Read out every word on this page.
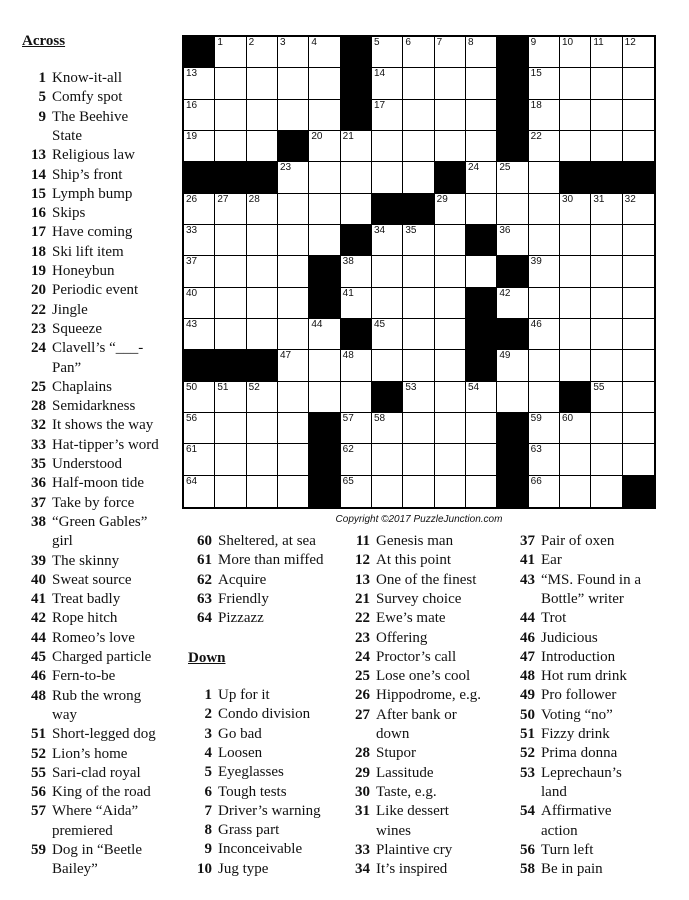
Across
Down
1	2	3	4	5	6	7	8	9	10 11 12
13	14	15
16	17	18
19	20 21	22
23	24 25
26 27 28	29	30 31 32
33	34 35	36
37	38	39
40	41	42
43	44	45	46
47	48	49
50 51 52	53	54	55
56	57 58	59 60
61	62	63
64	65	66
Copyright ©2017 PuzzleJunction.com
1 Know-it-all
5 Comfy spot
9 The Beehive
State
13 Religious law
14 Ship’s front
15 Lymph bump
16 Skips
17 Have coming
18 Ski lift item
19 Honeybun
20 Periodic event
22 Jingle
23 Squeeze
24 Clavell’s “___-
Pan”
25 Chaplains
28 Semidarkness
32 It shows the way
33 Hat-tipper’s word
35 Understood
36 Half-moon tide
37 Take by force
38 “Green Gables”
girl
39 The skinny
40 Sweat source
41 Treat badly
42 Rope hitch
44 Romeo’s love
45 Charged particle
46 Fern-to-be
48 Rub the wrong
way
51 Short-legged dog
52 Lion’s home
55 Sari-clad royal
56 King of the road
57 Where “Aida”
premiered
59 Dog in “Beetle
Bailey”
60 Sheltered, at sea
61 More than miffed
62 Acquire
63 Friendly
64 Pizzazz
1 Up for it
2 Condo division
3 Go bad
4 Loosen
5 Eyeglasses
6 Tough tests
7 Driver’s warning
8 Grass part
9 Inconceivable
10 Jug type
11 Genesis man
12 At this point
13 One of the finest
21 Survey choice
22 Ewe’s mate
23 Offering
24 Proctor’s call
25 Lose one’s cool
26 Hippodrome, e.g.
27 After bank or
down
28 Stupor
29 Lassitude
30 Taste, e.g.
31 Like dessert
wines
33 Plaintive cry
34 It’s inspired
37 Pair of oxen
41 Ear
43 “MS. Found in a
Bottle” writer
44 Trot
46 Judicious
47 Introduction
48 Hot rum drink
49 Pro follower
50 Voting “no”
51 Fizzy drink
52 Prima donna
53 Leprechaun’s
land
54 Affirmative
action
56 Turn left
58 Be in pain
